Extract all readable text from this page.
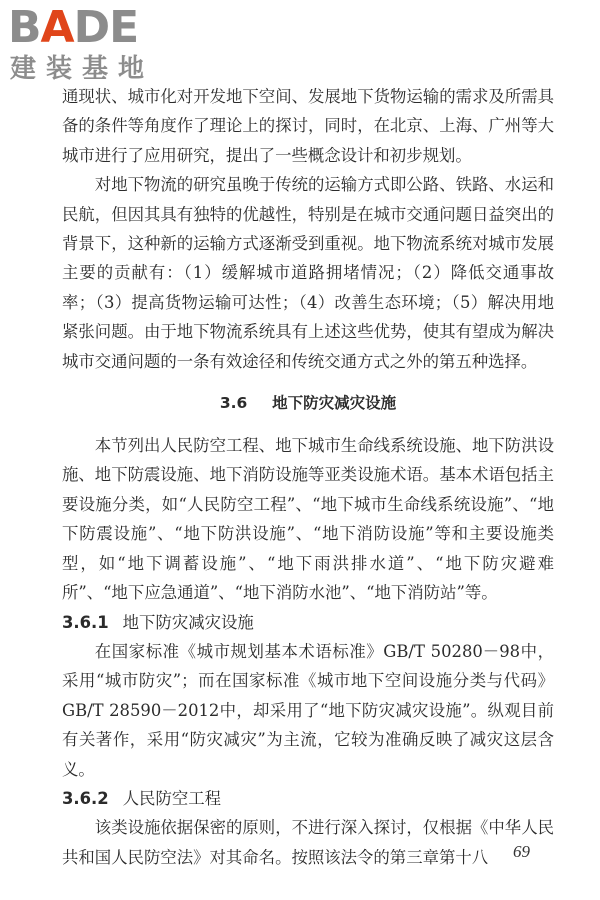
BADE
建装基地

通现状、城市化对开发地下空间、发展地下货物运输的需求及所需具备的条件等角度作了理论上的探讨，同时，在北京、上海、广州等大城市进行了应用研究，提出了一些概念设计和初步规划。

对地下物流的研究虽晚于传统的运输方式即公路、铁路、水运和民航，但因其具有独特的优越性，特别是在城市交通问题日益突出的背景下，这种新的运输方式逐渐受到重视。地下物流系统对城市发展主要的贡献有：（1）缓解城市道路拥堵情况；（2）降低交通事故率；（3）提高货物运输可达性；（4）改善生态环境；（5）解决用地紧张问题。由于地下物流系统具有上述这些优势，使其有望成为解决城市交通问题的一条有效途径和传统交通方式之外的第五种选择。

3.6 地下防灾减灾设施

本节列出人民防空工程、地下城市生命线系统设施、地下防洪设施、地下防震设施、地下消防设施等亚类设施术语。基本术语包括主要设施分类，如“人民防空工程”、“地下城市生命线系统设施”、“地下防震设施”、“地下防洪设施”、“地下消防设施”等和主要设施类型，如“地下调蓄设施”、“地下雨洪排水道”、“地下防灾避难所”、“地下应急通道”、“地下消防水池”、“地下消防站”等。

3.6.1 地下防灾减灾设施

在国家标准《城市规划基本术语标准》GB/T 50280－98中，采用“城市防灾”；而在国家标准《城市地下空间设施分类与代码》GB/T 28590－2012中，却采用了“地下防灾减灾设施”。纵观目前有关著作，采用“防灾减灾”为主流，它较为准确反映了减灾这层含义。

3.6.2 人民防空工程

该类设施依据保密的原则，不进行深入探讨，仅根据《中华人民共和国人民防空法》对其命名。按照该法令的第三章第十八	69
